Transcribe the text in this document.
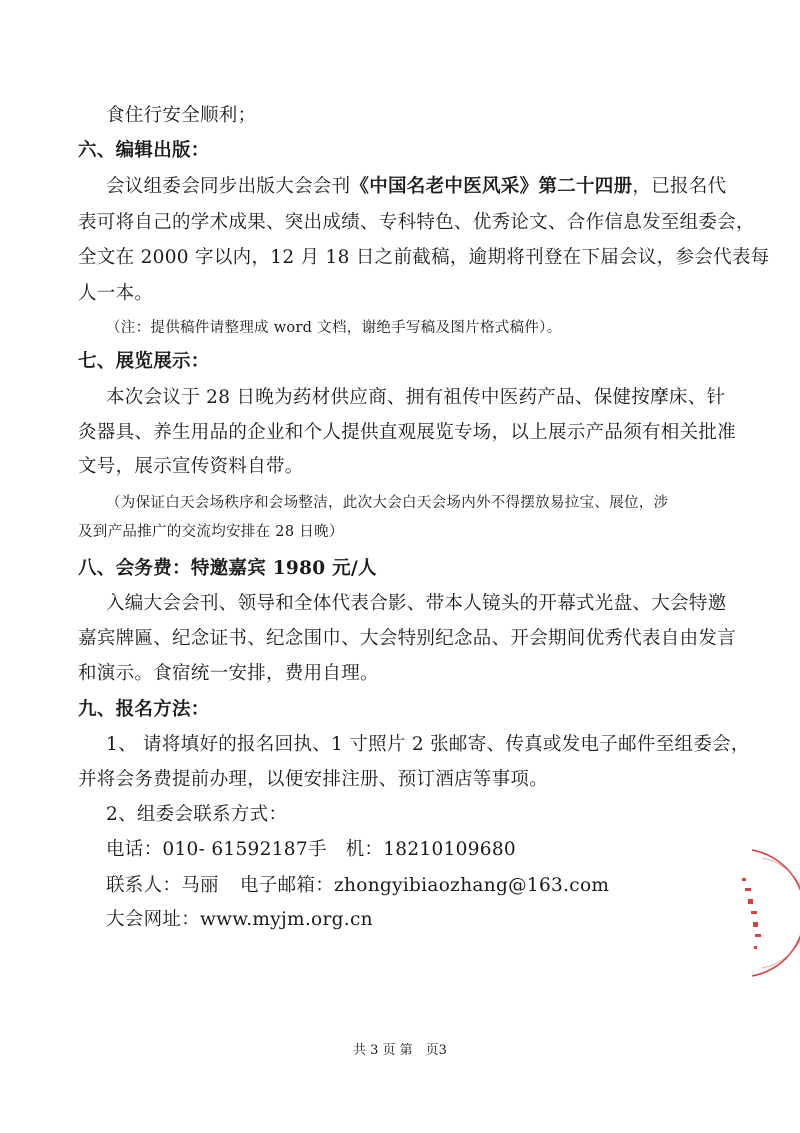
食住行安全顺利；
六、编辑出版：
会议组委会同步出版大会会刊《中国名老中医风采》第二十四册，已报名代
表可将自己的学术成果、突出成绩、专科特色、优秀论文、合作信息发至组委会，
全文在 2000 字以内，12 月 18 日之前截稿，逾期将刊登在下届会议，参会代表每
人一本。
（注：提供稿件请整理成 word 文档，谢绝手写稿及图片格式稿件）。
七、展览展示：
本次会议于 28 日晚为药材供应商、拥有祖传中医药产品、保健按摩床、针
灸器具、养生用品的企业和个人提供直观展览专场，以上展示产品须有相关批准
文号，展示宣传资料自带。
（为保证白天会场秩序和会场整洁，此次大会白天会场内外不得摆放易拉宝、展位，涉
及到产品推广的交流均安排在 28 日晚）
八、会务费：特邀嘉宾 1980 元/人
入编大会会刊、领导和全体代表合影、带本人镜头的开幕式光盘、大会特邀
嘉宾牌匾、纪念证书、纪念围巾、大会特别纪念品、开会期间优秀代表自由发言
和演示。食宿统一安排，费用自理。
九、报名方法：
1、 请将填好的报名回执、1 寸照片 2 张邮寄、传真或发电子邮件至组委会，
并将会务费提前办理，以便安排注册、预订酒店等事项。
2、组委会联系方式：
电话：010- 61592187 手　机：18210109680
联系人：马丽 电子邮箱：zhongyibiaozhang@163.com
大会网址：www.myjm.org.cn
共 3 页 第　页3
